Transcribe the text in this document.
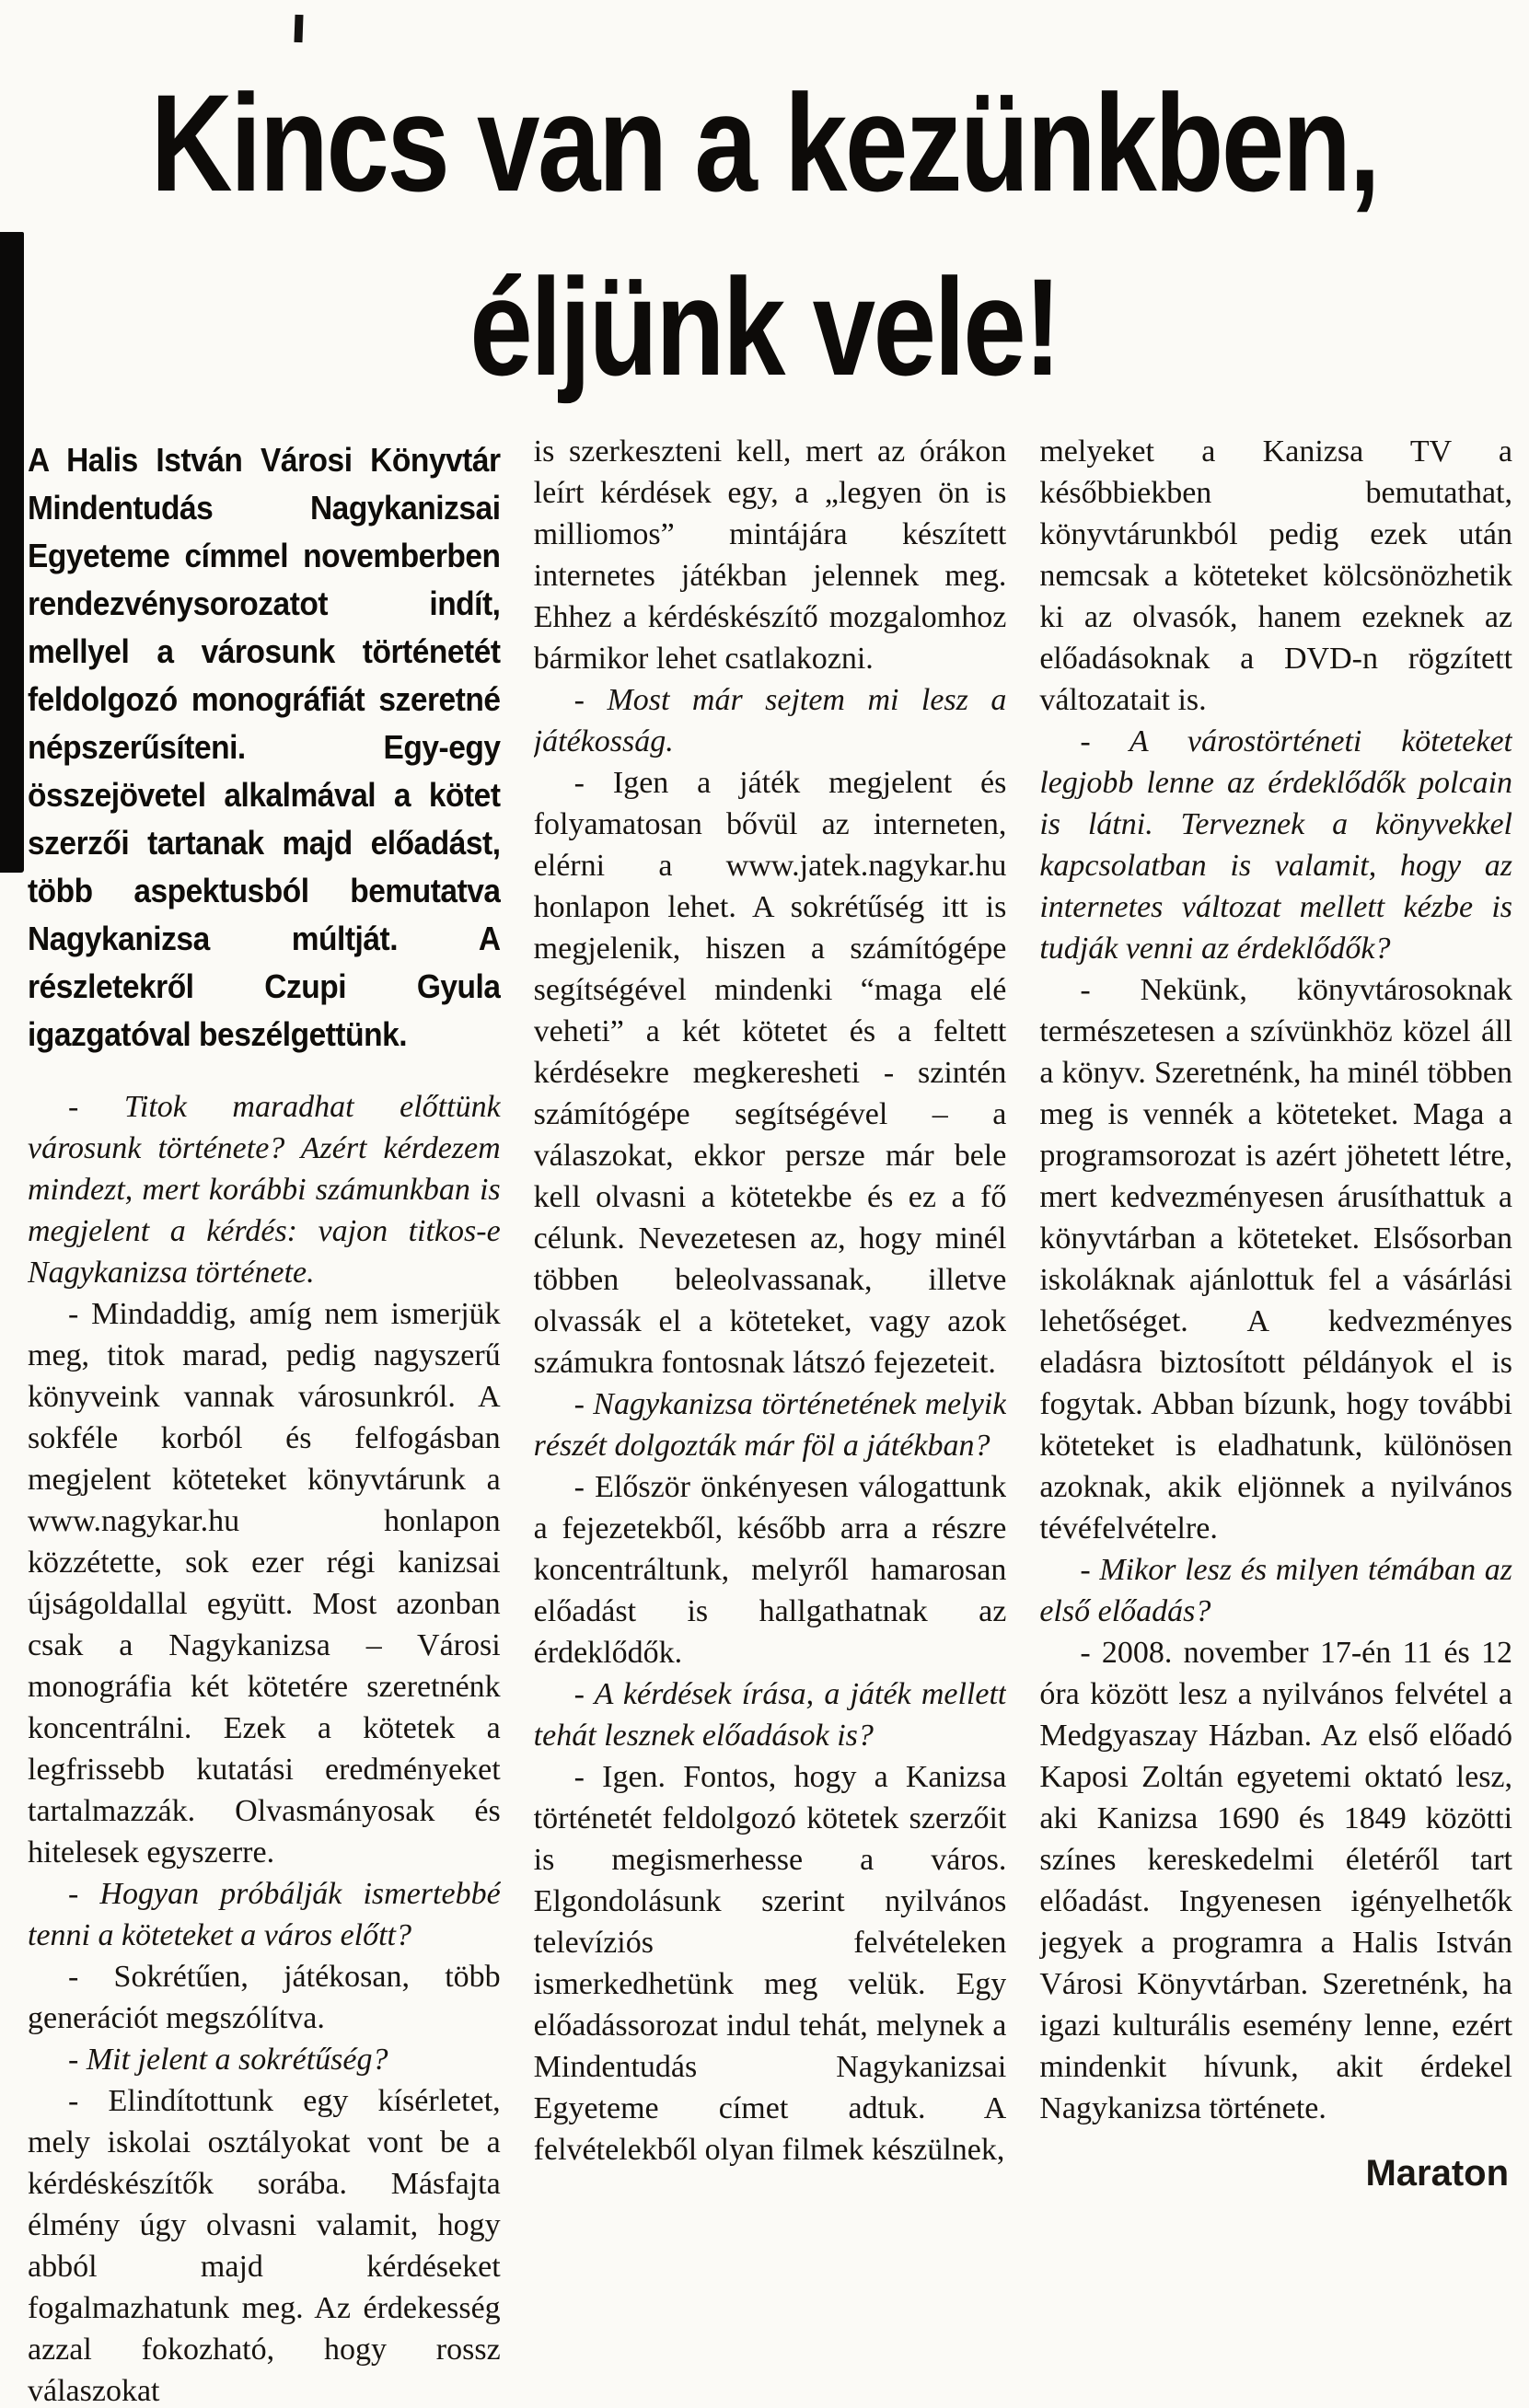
Kincs van a kezünkben,
éljünk vele!

A Halis István Városi Könyvtár Mindentudás Nagykanizsai Egyeteme címmel novemberben rendezvénysorozatot indít, mellyel a városunk történetét feldolgozó monográfiát szeretné népszerűsíteni. Egy-egy összejövetel alkalmával a kötet szerzői tartanak majd előadást, több aspektusból bemutatva Nagykanizsa múltját. A részletekről Czupi Gyula igazgatóval beszélgettünk.

- Titok maradhat előttünk városunk története? Azért kérdezem mindezt, mert korábbi számunkban is megjelent a kérdés: vajon titkos-e Nagykanizsa története.

- Mindaddig, amíg nem ismerjük meg, titok marad, pedig nagyszerű könyveink vannak városunkról. A sokféle korból és felfogásban megjelent köteteket könyvtárunk a www.nagykar.hu honlapon közzétette, sok ezer régi kanizsai újságoldallal együtt. Most azonban csak a Nagykanizsa – Városi monográfia két kötetére szeretnénk koncentrálni. Ezek a kötetek a legfrissebb kutatási eredményeket tartalmazzák. Olvasmányosak és hitelesek egyszerre.

- Hogyan próbálják ismertebbé tenni a köteteket a város előtt?

- Sokrétűen, játékosan, több generációt megszólítva.

- Mit jelent a sokrétűség?

- Elindítottunk egy kísérletet, mely iskolai osztályokat vont be a kérdéskészítők sorába. Másfajta élmény úgy olvasni valamit, hogy abból majd kérdéseket fogalmazhatunk meg. Az érdekesség azzal fokozható, hogy rossz válaszokat

is szerkeszteni kell, mert az órákon leírt kérdések egy, a „legyen ön is milliomos” mintájára készített internetes játékban jelennek meg. Ehhez a kérdéskészítő mozgalomhoz bármikor lehet csatlakozni.

- Most már sejtem mi lesz a játékosság.

- Igen a játék megjelent és folyamatosan bővül az interneten, elérni a www.jatek.nagykar.hu honlapon lehet. A sokrétűség itt is megjelenik, hiszen a számítógépe segítségével mindenki “maga elé veheti” a két kötetet és a feltett kérdésekre megkeresheti - szintén számítógépe segítségével – a válaszokat, ekkor persze már bele kell olvasni a kötetekbe és ez a fő célunk. Nevezetesen az, hogy minél többen beleolvassanak, illetve olvassák el a köteteket, vagy azok számukra fontosnak látszó fejezeteit.

- Nagykanizsa történetének melyik részét dolgozták már föl a játékban?

- Először önkényesen válogattunk a fejezetekből, később arra a részre koncentráltunk, melyről hamarosan előadást is hallgathatnak az érdeklődők.

- A kérdések írása, a játék mellett tehát lesznek előadások is?

- Igen. Fontos, hogy a Kanizsa történetét feldolgozó kötetek szerzőit is megismerhesse a város. Elgondolásunk szerint nyilvános televíziós felvételeken ismerkedhetünk meg velük. Egy előadássorozat indul tehát, melynek a Mindentudás Nagykanizsai Egyeteme címet adtuk. A felvételekből olyan filmek készülnek,

melyeket a Kanizsa TV a későbbiekben bemutathat, könyvtárunkból pedig ezek után nemcsak a köteteket kölcsönözhetik ki az olvasók, hanem ezeknek az előadásoknak a DVD-n rögzített változatait is.

- A várostörténeti köteteket legjobb lenne az érdeklődők polcain is látni. Terveznek a könyvekkel kapcsolatban is valamit, hogy az internetes változat mellett kézbe is tudják venni az érdeklődők?

- Nekünk, könyvtárosoknak természetesen a szívünkhöz közel áll a könyv. Szeretnénk, ha minél többen meg is vennék a köteteket. Maga a programsorozat is azért jöhetett létre, mert kedvezményesen árusíthattuk a könyvtárban a köteteket. Elsősorban iskoláknak ajánlottuk fel a vásárlási lehetőséget. A kedvezményes eladásra biztosított példányok el is fogytak. Abban bízunk, hogy további köteteket is eladhatunk, különösen azoknak, akik eljönnek a nyilvános tévéfelvételre.

- Mikor lesz és milyen témában az első előadás?

- 2008. november 17-én 11 és 12 óra között lesz a nyilvános felvétel a Medgyaszay Házban. Az első előadó Kaposi Zoltán egyetemi oktató lesz, aki Kanizsa 1690 és 1849 közötti színes kereskedelmi életéről tart előadást. Ingyenesen igényelhetők jegyek a programra a Halis István Városi Könyvtárban. Szeretnénk, ha igazi kulturális esemény lenne, ezért mindenkit hívunk, akit érdekel Nagykanizsa története.

Maraton
